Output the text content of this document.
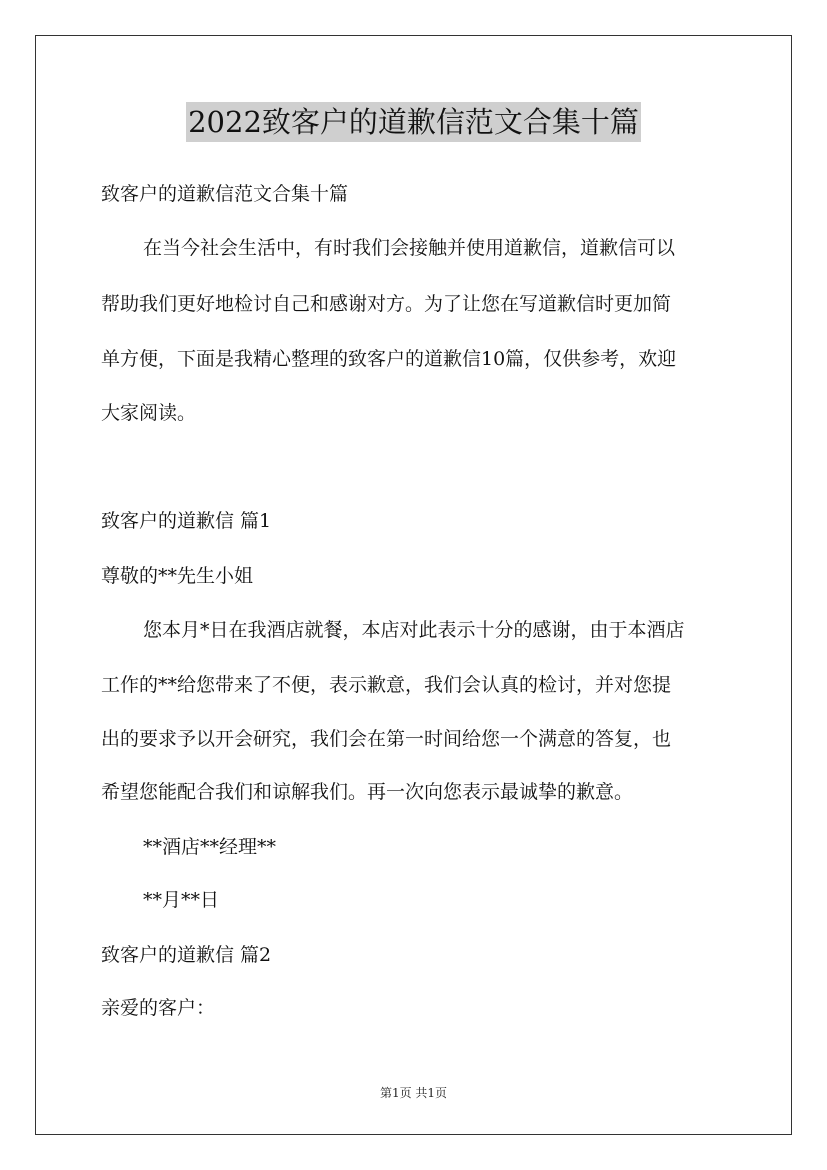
2022致客户的道歉信范文合集十篇
致客户的道歉信范文合集十篇
在当今社会生活中，有时我们会接触并使用道歉信，道歉信可以
帮助我们更好地检讨自己和感谢对方。为了让您在写道歉信时更加简
单方便，下面是我精心整理的致客户的道歉信10篇，仅供参考，欢迎
大家阅读。
致客户的道歉信 篇1
尊敬的**先生小姐
您本月*日在我酒店就餐，本店对此表示十分的感谢，由于本酒店
工作的**给您带来了不便，表示歉意，我们会认真的检讨，并对您提
出的要求予以开会研究，我们会在第一时间给您一个满意的答复，也
希望您能配合我们和谅解我们。再一次向您表示最诚挚的歉意。
**酒店**经理**
**月**日
致客户的道歉信 篇2
亲爱的客户：
第1页 共1页
